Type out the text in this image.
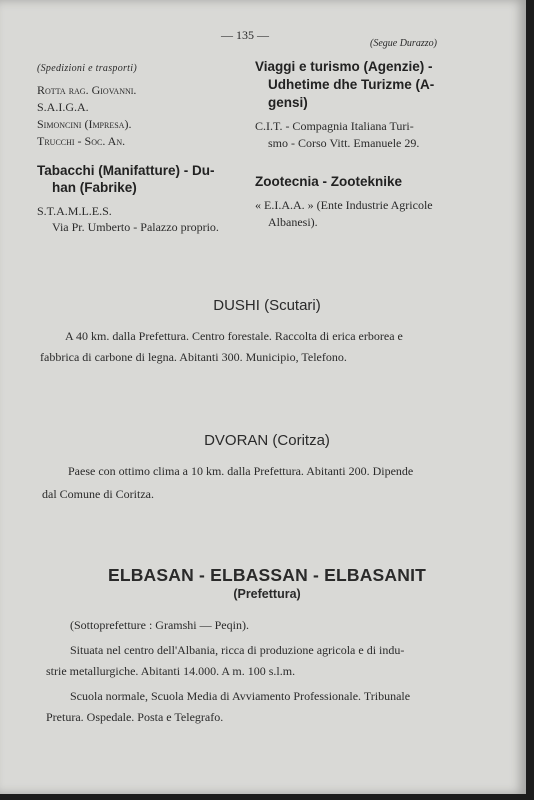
— 135 —
(Segue Durazzo)
(Spedizioni e trasporti)
Rotta rag. Giovanni.
S.A.I.G.A.
Simoncini (Impresa).
Trucchi - Soc. An.
Tabacchi (Manifatture) - Du-
han (Fabrike)
S.T.A.M.L.E.S.
Via Pr. Umberto - Palazzo proprio.
Viaggi e turismo (Agenzie) -
Udhetime dhe Turizme (A-
gensi)
C.I.T. - Compagnia Italiana Turi-
smo - Corso Vitt. Emanuele 29.
Zootecnia - Zooteknike
« E.I.A.A. » (Ente Industrie Agricole
Albanesi).
DUSHI (Scutari)
A 40 km. dalla Prefettura. Centro forestale. Raccolta di erica erborea e
fabbrica di carbone di legna. Abitanti 300. Municipio, Telefono.
DVORAN (Coritza)
Paese con ottimo clima a 10 km. dalla Prefettura. Abitanti 200. Dipende
dal Comune di Coritza.
ELBASAN - ELBASSAN - ELBASANIT
(Prefettura)
(Sottoprefetture : Gramshi — Peqin).
Situata nel centro dell'Albania, ricca di produzione agricola e di indu-
strie metallurgiche. Abitanti 14.000. A m. 100 s.l.m.
Scuola normale, Scuola Media di Avviamento Professionale. Tribunale
Pretura. Ospedale. Posta e Telegrafo.
